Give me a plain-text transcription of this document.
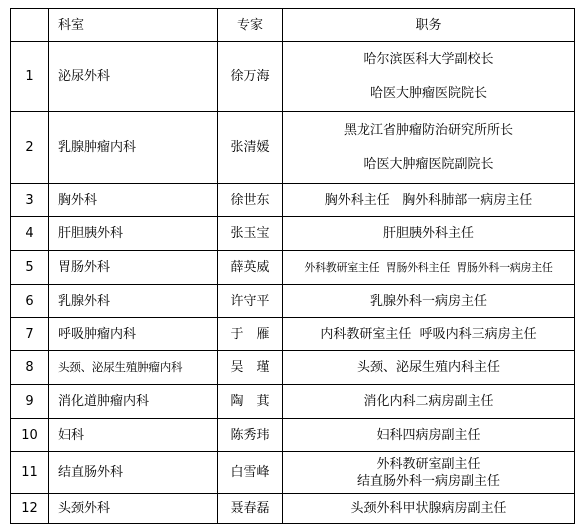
	科室	专家	职务
1	泌尿外科	徐万海	哈尔滨医科大学副校长
哈医大肿瘤医院院长

2	乳腺肿瘤内科	张清媛	黑龙江省肿瘤防治研究所所长
哈医大肿瘤医院副院长

3	胸外科	徐世东	胸外科主任   胸外科肺部一病房主任

4	肝胆胰外科	张玉宝	肝胆胰外科主任

5	胃肠外科	薛英威	外科教研室主任  胃肠外科主任  胃肠外科一病房主任

6	乳腺外科	许守平	乳腺外科一病房主任

7	呼吸肿瘤内科	于　雁	内科教研室主任  呼吸内科三病房主任

8	头颈、泌尿生殖肿瘤内科	吴　瑾	头颈、泌尿生殖内科主任

9	消化道肿瘤内科	陶　萁	消化内科二病房副主任

10	妇科	陈秀玮	妇科四病房副主任

11	结直肠外科	白雪峰	外科教研室副主任
结直肠外科一病房副主任

12	头颈外科	聂春磊	头颈外科甲状腺病房副主任
